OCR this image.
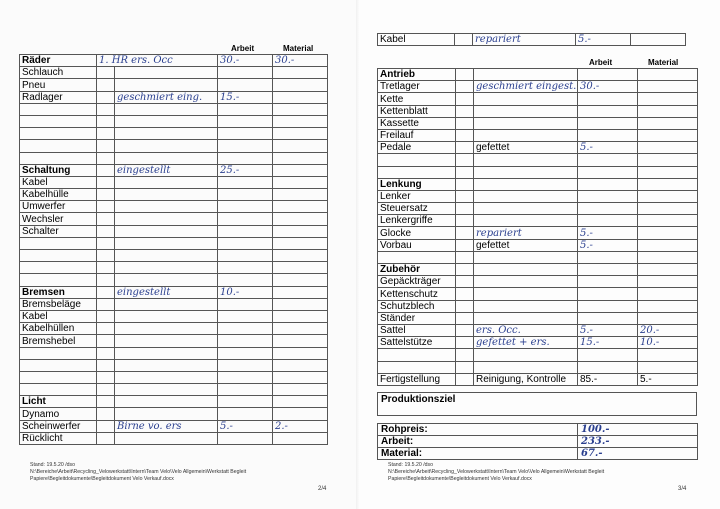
Arbeit	Material
Räder	1. HR ers. Occ		30.-	30.-
Schlauch				
Pneu				
Radlager		geschmiert eing.	15.-	

Schaltung		eingestellt	25.-	
Kabel				
Kabelhülle				
Umwerfer				
Wechsler				
Schalter				

Bremsen		eingestellt	10.-	
Bremsbeläge				
Kabel				
Kabelhüllen				
Bremshebel				

Licht				
Dynamo				
Scheinwerfer		Birne vo. ers	5.-	2.-
Rücklicht				
Stand: 19.5.20 /dso
N:\Bereiche\Arbeit\Recycling_Velowerkstatt\Intern\Team Velo\Velo Allgemein\Werkstatt Begleit
Papiere\Begleitdokumente\Begleitdokument Velo Verkauf.docx
2/4
Kabel		repariert	5.-	
Arbeit	Material
Antrieb				
Tretlager		geschmiert eingest.	30.-	
Kette				
Kettenblatt				
Kassette				
Freilauf				
Pedale		gefettet	5.-	

Lenkung				
Lenker				
Steuersatz				
Lenkergriffe				
Glocke		repariert	5.-	
Vorbau		gefettet	5.-	

Zubehör				
Gepäckträger				
Kettenschutz				
Schutzblech				
Ständer				
Sattel		ers. Occ.	5.-	20.-
Sattelstütze		gefettet + ers.	15.-	10.-

Fertigstellung		Reinigung, Kontrolle	85.-	5.-
Produktionsziel
Rohpreis:	100.-
Arbeit:	233.-
Material:	67.-
Stand: 19.5.20 /dso
N:\Bereiche\Arbeit\Recycling_Velowerkstatt\Intern\Team Velo\Velo Allgemein\Werkstatt Begleit
Papiere\Begleitdokumente\Begleitdokument Velo Verkauf.docx
3/4
